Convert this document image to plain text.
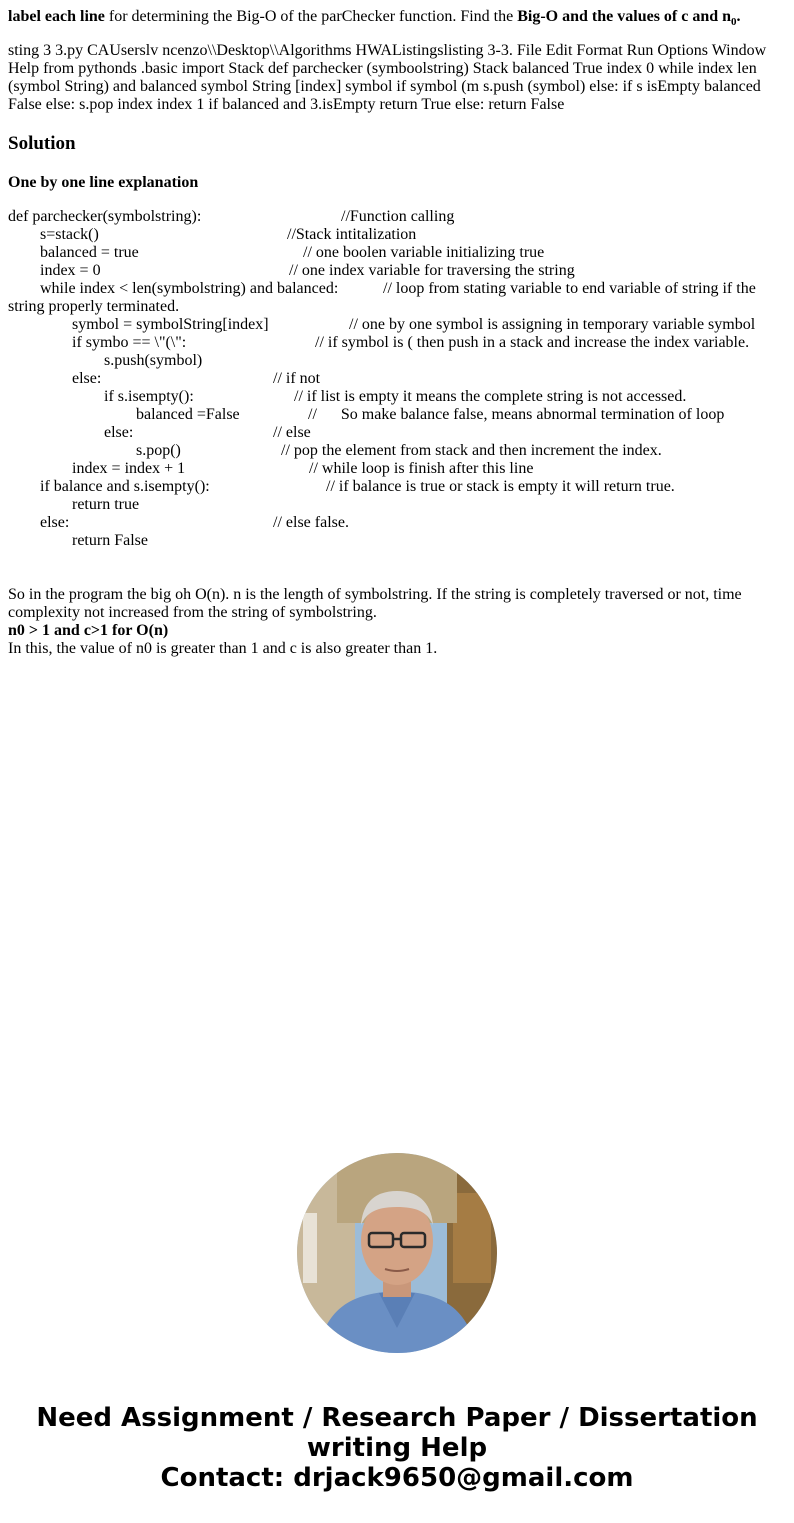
label each line for determining the Big-O of the parChecker function. Find the Big-O and the values of c and $n_0$.

sting 3 3.py CAUserslv ncenzo\\Desktop\\Algorithms HWAListingslisting 3-3. File Edit Format Run Options Window Help from pythonds .basic import Stack def parchecker (symboolstring) Stack balanced True index 0 while index len (symbol String) and balanced symbol String [index] symbol if symbol (m s.push (symbol) else: if s isEmpty balanced False else: s.pop index index 1 if balanced and 3.isEmpty return True else: return False

Solution
One by one line explanation
def parchecker(symbolstring):	//Function calling
s=stack()	//Stack intitalization
balanced = true	// one boolen variable initializing true
index = 0	// one index variable for traversing the string
while index < len(symbolstring) and balanced:	// loop from stating variable to end variable of string if the
string properly terminated.
symbol = symbolString[index]	// one by one symbol is assigning in temporary variable symbol
if symbo == \"(\":	// if symbol is ( then push in a stack and increase the index variable.
s.push(symbol)
else:	// if not
if s.isempty():	// if list is empty it means the complete string is not accessed.
balanced =False	//      So make balance false, means abnormal termination of loop
else:	// else
s.pop()	// pop the element from stack and then increment the index.
index = index + 1	// while loop is finish after this line
if balance and s.isempty():	// if balance is true or stack is empty it will return true.
return true
else:	// else false.
return False

So in the program the big oh O(n). n is the length of symbolstring. If the string is completely traversed or not, time complexity not increased from the string of symbolstring.

n0 > 1 and c>1 for O(n)

In this, the value of n0 is greater than 1 and c is also greater than 1.

Need Assignment / Research Paper / Dissertation
writing Help
Contact: drjack9650@gmail.com
